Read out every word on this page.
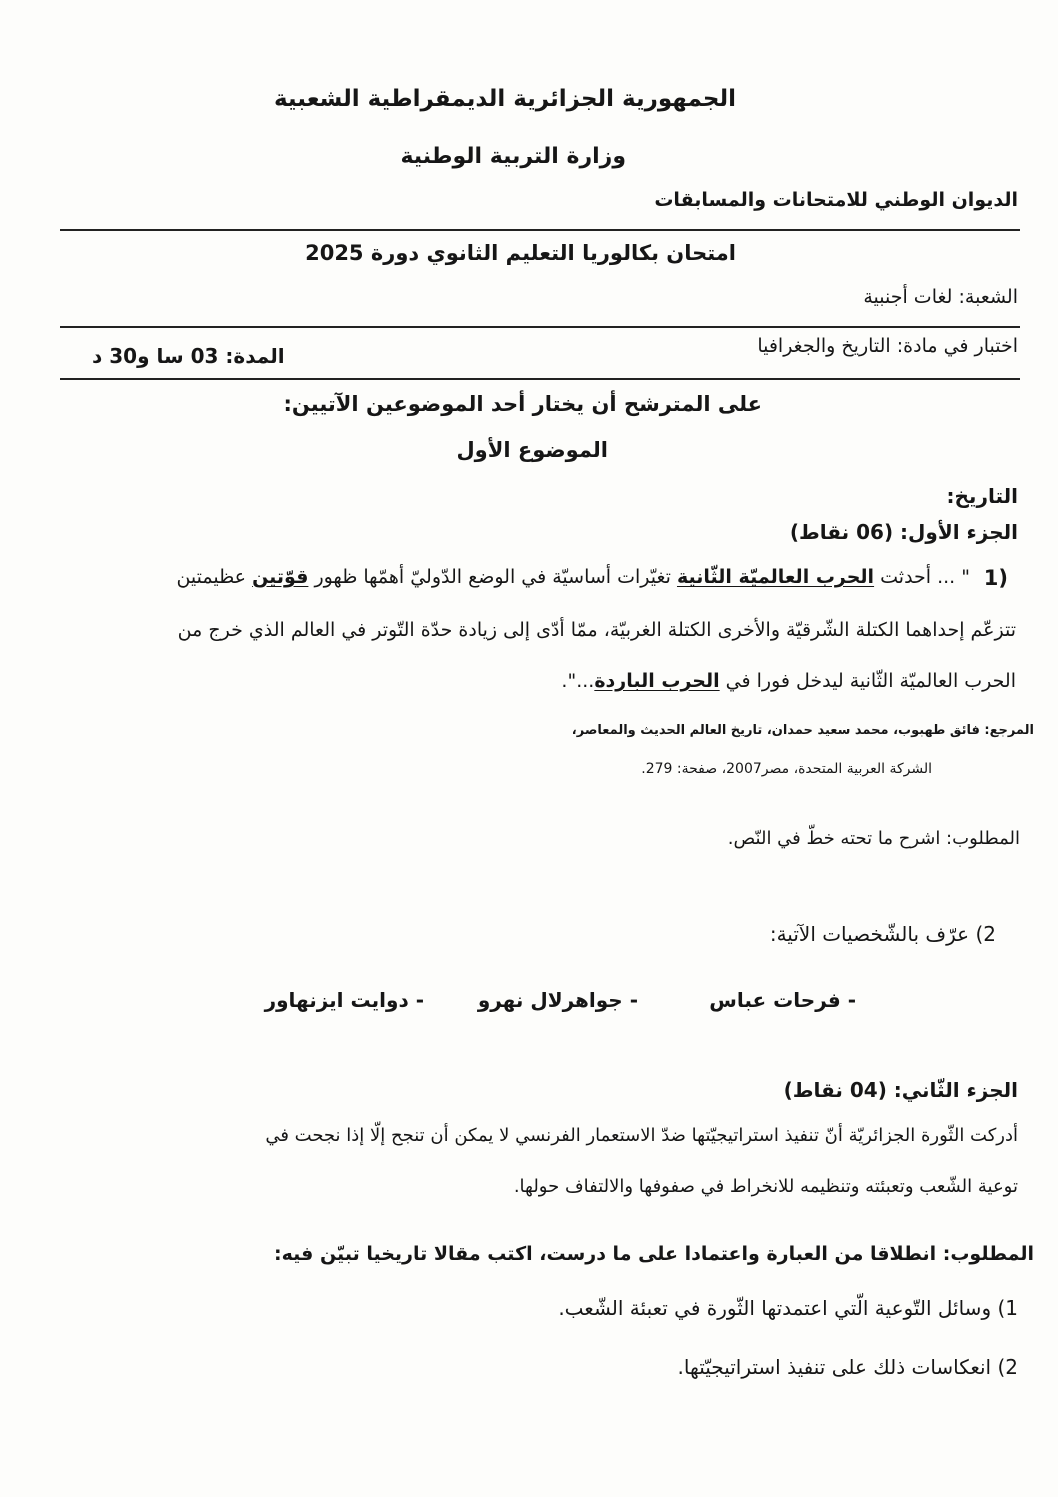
الجمهورية الجزائرية الديمقراطية الشعبية
وزارة التربية الوطنية
الديوان الوطني للامتحانات والمسابقات
امتحان بكالوريا التعليم الثانوي دورة 2025
الشعبة: لغات أجنبية
اختبار في مادة: التاريخ والجغرافيا
المدة: 03 سا و30 د
على المترشح أن يختار أحد الموضوعين الآتيين:
الموضوع الأول
التاريخ:
الجزء الأول: (06 نقاط)
1)
" ... أحدثت الحرب العالميّة الثّانية تغيّرات أساسيّة في الوضع الدّوليّ أهمّها ظهور قوّتين عظيمتين
تتزعّم إحداهما الكتلة الشّرقيّة والأخرى الكتلة الغربيّة، ممّا أدّى إلى زيادة حدّة التّوتر في العالم الذي خرج من
الحرب العالميّة الثّانية ليدخل فورا في الحرب الباردة...".
المرجع: فائق طهبوب، محمد سعيد حمدان، تاريخ العالم الحديث والمعاصر،
الشركة العربية المتحدة، مصر2007، صفحة: 279.
المطلوب: اشرح ما تحته خطّ في النّص.
2) عرّف بالشّخصيات الآتية:
- فرحات عباس
- جواهرلال نهرو
- دوايت ايزنهاور
الجزء الثّاني: (04 نقاط)
أدركت الثّورة الجزائريّة أنّ تنفيذ استراتيجيّتها ضدّ الاستعمار الفرنسي لا يمكن أن تنجح إلّا إذا نجحت في
توعية الشّعب وتعبئته وتنظيمه للانخراط في صفوفها والالتفاف حولها.
المطلوب: انطلاقا من العبارة واعتمادا على ما درست، اكتب مقالا تاريخيا تبيّن فيه:
1) وسائل التّوعية الّتي اعتمدتها الثّورة في تعبئة الشّعب.
2) انعكاسات ذلك على تنفيذ استراتيجيّتها.
